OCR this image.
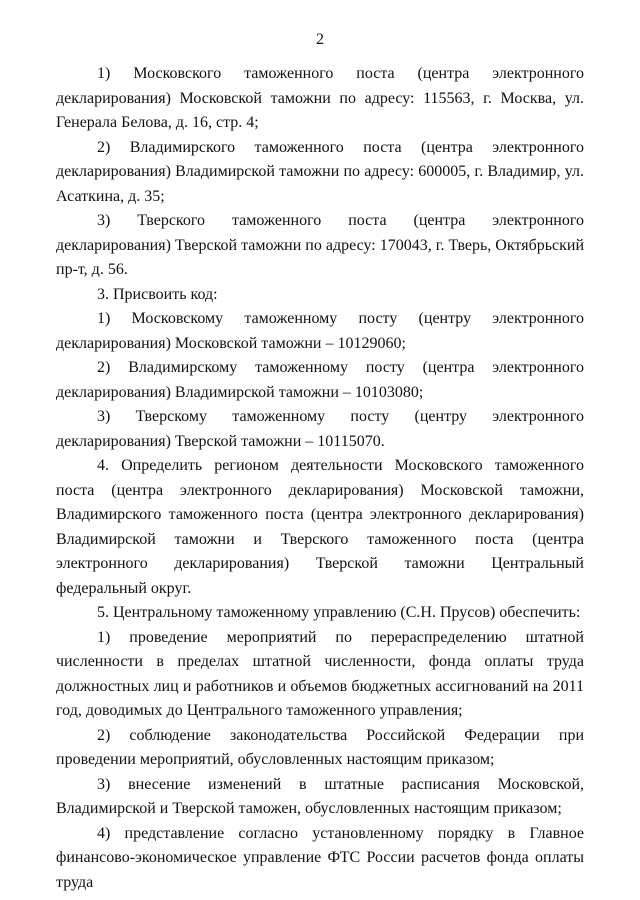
2

1) Московского таможенного поста (центра электронного декларирования) Московской таможни по адресу: 115563, г. Москва, ул. Генерала Белова, д. 16, стр. 4;

2) Владимирского таможенного поста (центра электронного декларирования) Владимирской таможни по адресу: 600005, г. Владимир, ул. Асаткина, д. 35;

3) Тверского таможенного поста (центра электронного декларирования) Тверской таможни по адресу: 170043, г. Тверь, Октябрьский пр-т, д. 56.

3. Присвоить код:

1) Московскому таможенному посту (центру электронного декларирования) Московской таможни – 10129060;

2) Владимирскому таможенному посту (центра электронного декларирования) Владимирской таможни – 10103080;

3) Тверскому таможенному посту (центру электронного декларирования) Тверской таможни – 10115070.

4. Определить регионом деятельности Московского таможенного поста (центра электронного декларирования) Московской таможни, Владимирского таможенного поста (центра электронного декларирования) Владимирской таможни и Тверского таможенного поста (центра электронного декларирования) Тверской таможни Центральный федеральный округ.

5. Центральному таможенному управлению (С.Н. Прусов) обеспечить:

1) проведение мероприятий по перераспределению штатной численности в пределах штатной численности, фонда оплаты труда должностных лиц и работников и объемов бюджетных ассигнований на 2011 год, доводимых до Центрального таможенного управления;

2) соблюдение законодательства Российской Федерации при проведении мероприятий, обусловленных настоящим приказом;

3) внесение изменений в штатные расписания Московской, Владимирской и Тверской таможен, обусловленных настоящим приказом;

4) представление согласно установленному порядку в Главное финансово-экономическое управление ФТС России расчетов фонда оплаты труда
